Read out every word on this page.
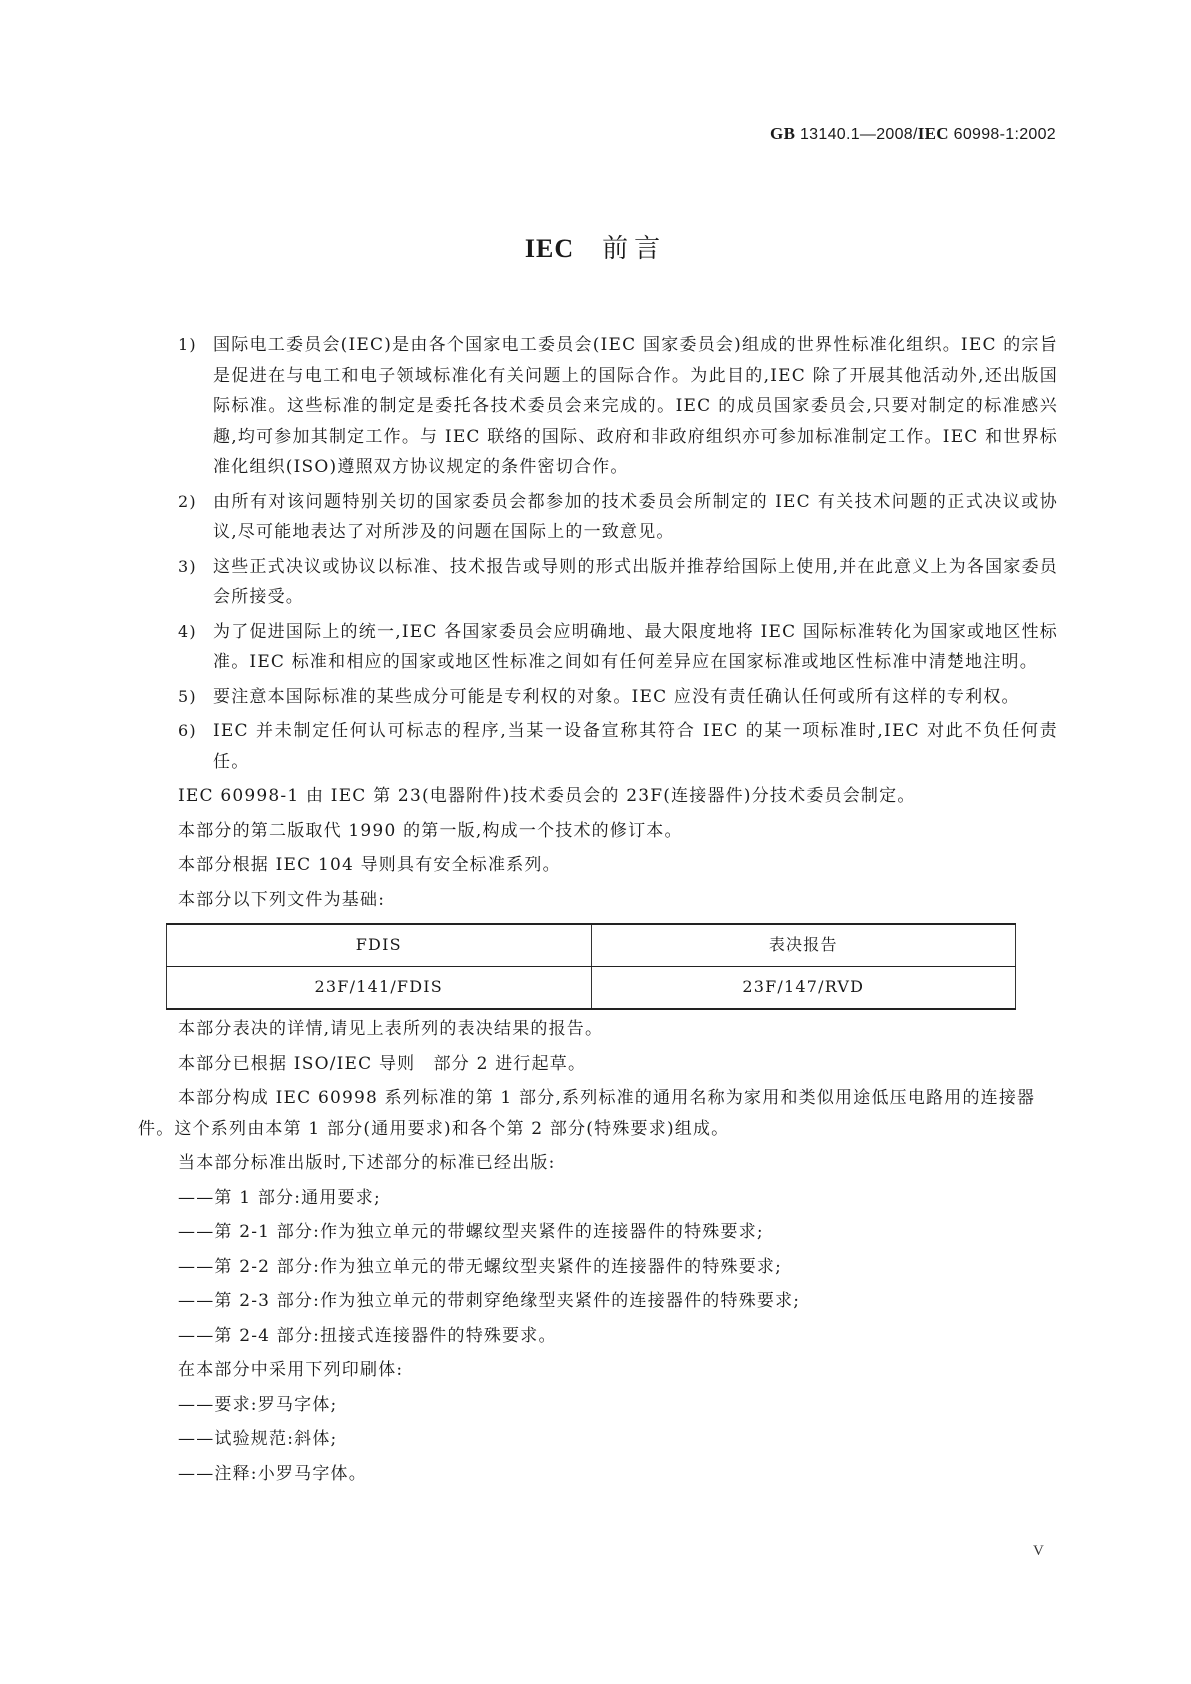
GB 13140.1—2008/IEC 60998-1:2002
IEC 前言
1) 国际电工委员会(IEC)是由各个国家电工委员会(IEC 国家委员会)组成的世界性标准化组织。IEC 的宗旨是促进在与电工和电子领域标准化有关问题上的国际合作。为此目的,IEC 除了开展其他活动外,还出版国际标准。这些标准的制定是委托各技术委员会来完成的。IEC 的成员国家委员会,只要对制定的标准感兴趣,均可参加其制定工作。与 IEC 联络的国际、政府和非政府组织亦可参加标准制定工作。IEC 和世界标准化组织(ISO)遵照双方协议规定的条件密切合作。
2) 由所有对该问题特别关切的国家委员会都参加的技术委员会所制定的 IEC 有关技术问题的正式决议或协议,尽可能地表达了对所涉及的问题在国际上的一致意见。
3) 这些正式决议或协议以标准、技术报告或导则的形式出版并推荐给国际上使用,并在此意义上为各国家委员会所接受。
4) 为了促进国际上的统一,IEC 各国家委员会应明确地、最大限度地将 IEC 国际标准转化为国家或地区性标准。IEC 标准和相应的国家或地区性标准之间如有任何差异应在国家标准或地区性标准中清楚地注明。
5) 要注意本国际标准的某些成分可能是专利权的对象。IEC 应没有责任确认任何或所有这样的专利权。
6) IEC 并未制定任何认可标志的程序,当某一设备宣称其符合 IEC 的某一项标准时,IEC 对此不负任何责任。
IEC 60998-1 由 IEC 第 23(电器附件)技术委员会的 23F(连接器件)分技术委员会制定。
本部分的第二版取代 1990 的第一版,构成一个技术的修订本。
本部分根据 IEC 104 导则具有安全标准系列。
本部分以下列文件为基础:
FDIS	表决报告
23F/141/FDIS	23F/147/RVD
本部分表决的详情,请见上表所列的表决结果的报告。
本部分已根据 ISO/IEC 导则　部分 2 进行起草。
本部分构成 IEC 60998 系列标准的第 1 部分,系列标准的通用名称为家用和类似用途低压电路用的连接器件。这个系列由本第 1 部分(通用要求)和各个第 2 部分(特殊要求)组成。
当本部分标准出版时,下述部分的标准已经出版:
——第 1 部分:通用要求;
——第 2-1 部分:作为独立单元的带螺纹型夹紧件的连接器件的特殊要求;
——第 2-2 部分:作为独立单元的带无螺纹型夹紧件的连接器件的特殊要求;
——第 2-3 部分:作为独立单元的带刺穿绝缘型夹紧件的连接器件的特殊要求;
——第 2-4 部分:扭接式连接器件的特殊要求。
在本部分中采用下列印刷体:
——要求:罗马字体;
——试验规范:斜体;
——注释:小罗马字体。
V
